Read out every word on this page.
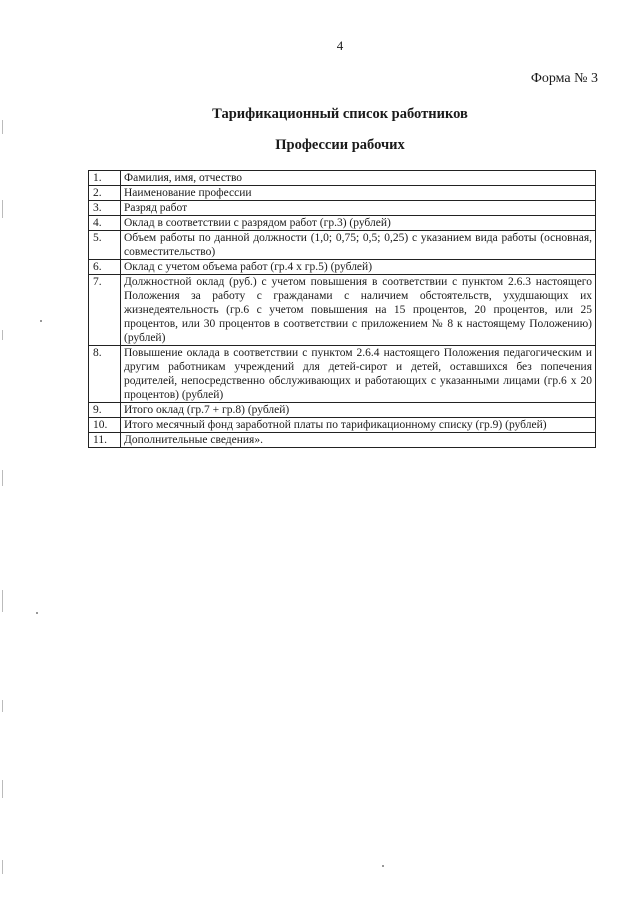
4
Форма № 3
Тарификационный список работников
Профессии рабочих
1.	Фамилия, имя, отчество
2.	Наименование профессии
3.	Разряд работ
4.	Оклад в соответствии с разрядом работ (гр.3) (рублей)
5.	Объем работы по данной должности (1,0; 0,75; 0,5; 0,25) с указанием вида работы (основная, совместительство)
6.	Оклад с учетом объема работ (гр.4 х гр.5) (рублей)
7.	Должностной оклад (руб.) с учетом повышения в соответствии с пунктом 2.6.3 настоящего Положения за работу с гражданами с наличием обстоятельств, ухудшающих их жизнедеятельность (гр.6 с учетом повышения на 15 процентов, 20 процентов, или 25 процентов, или 30 процентов в соответствии с приложением № 8 к настоящему Положению) (рублей)
8.	Повышение оклада в соответствии с пунктом 2.6.4 настоящего Положения педагогическим и другим работникам учреждений для детей-сирот и детей, оставшихся без попечения родителей, непосредственно обслуживающих и работающих с указанными лицами (гр.6 х 20 процентов) (рублей)
9.	Итого оклад (гр.7 + гр.8) (рублей)
10.	Итого месячный фонд заработной платы по тарификационному списку (гр.9) (рублей)
11.	Дополнительные сведения».
